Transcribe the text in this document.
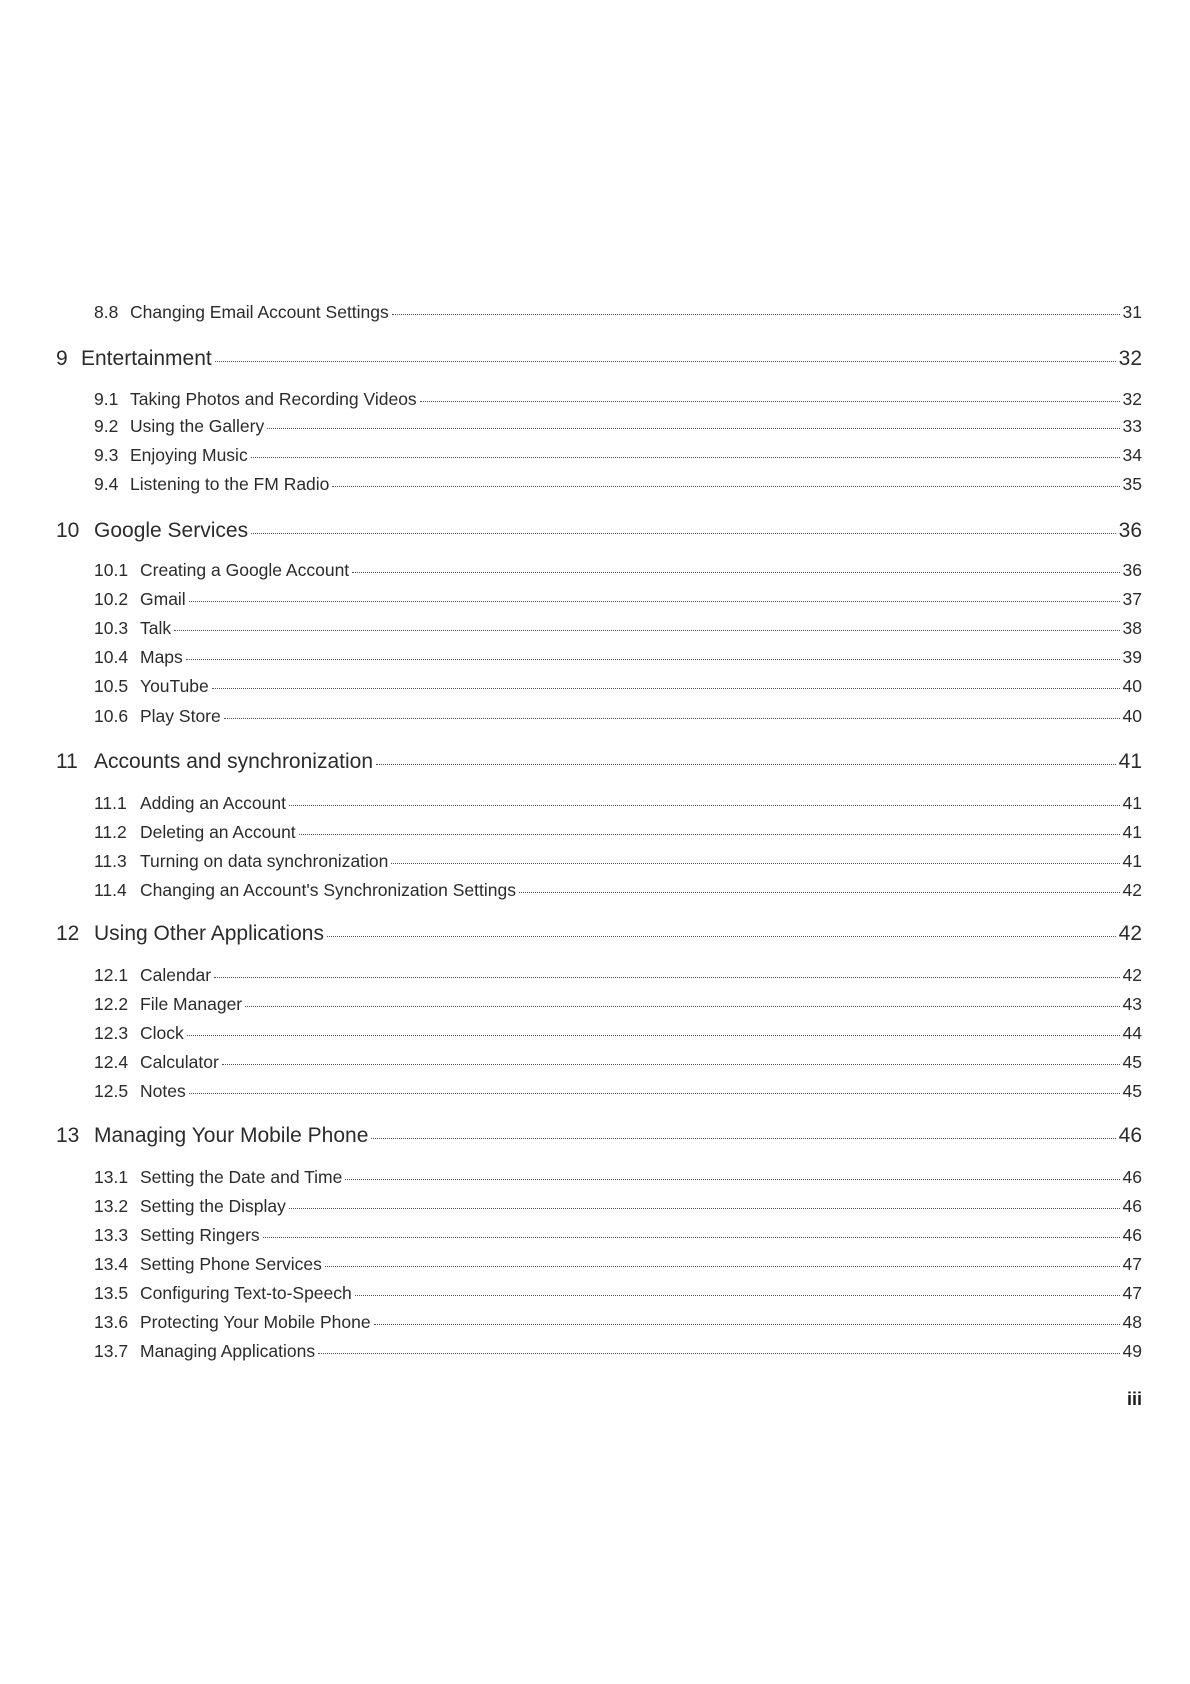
8.8 Changing Email Account Settings	31
9 Entertainment	32
9.1 Taking Photos and Recording Videos	32
9.2 Using the Gallery	33
9.3 Enjoying Music	34
9.4 Listening to the FM Radio	35
10 Google Services	36
10.1 Creating a Google Account	36
10.2 Gmail	37
10.3 Talk	38
10.4 Maps	39
10.5 YouTube	40
10.6 Play Store	40
11 Accounts and synchronization	41
11.1 Adding an Account	41
11.2 Deleting an Account	41
11.3 Turning on data synchronization	41
11.4 Changing an Account's Synchronization Settings	42
12 Using Other Applications	42
12.1 Calendar	42
12.2 File Manager	43
12.3 Clock	44
12.4 Calculator	45
12.5 Notes	45
13 Managing Your Mobile Phone	46
13.1 Setting the Date and Time	46
13.2 Setting the Display	46
13.3 Setting Ringers	46
13.4 Setting Phone Services	47
13.5 Configuring Text-to-Speech	47
13.6 Protecting Your Mobile Phone	48
13.7 Managing Applications	49
iii
